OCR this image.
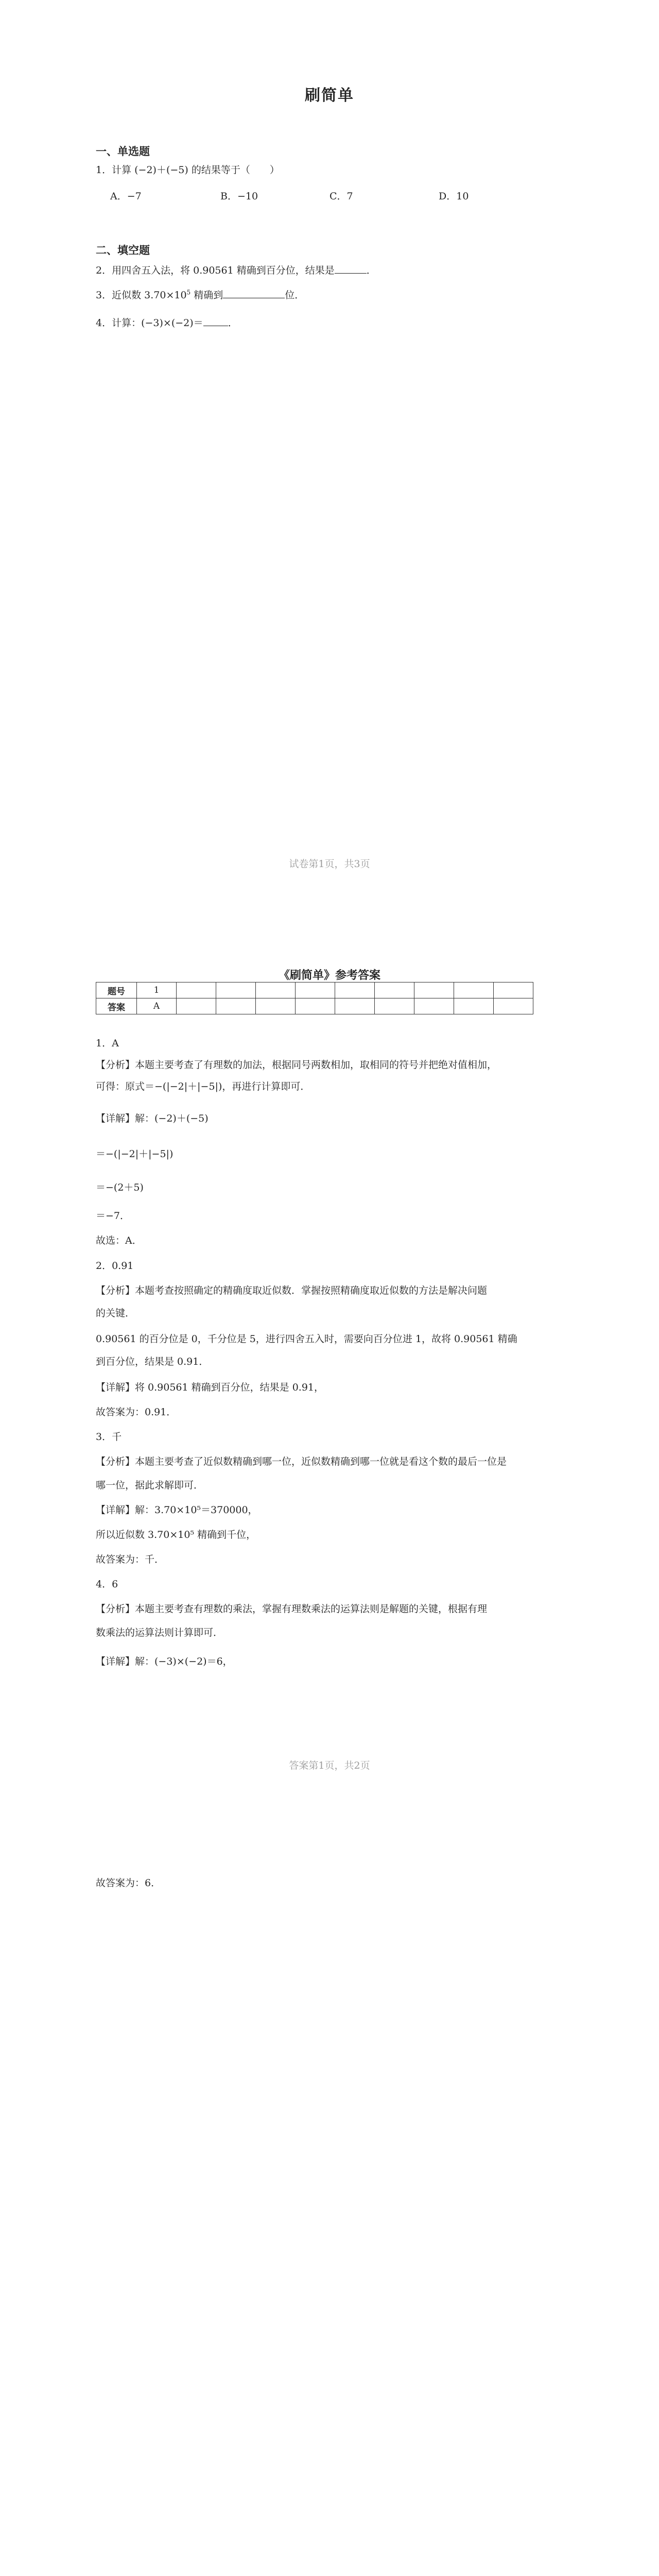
刷简单
一、单选题
1．计算 (−2)＋(−5) 的结果等于（　　）
A．−7	B．−10	C．7	D．10
二、填空题
2．用四舍五入法，将 0.90561 精确到百分位，结果是	．
3．近似数 $3.70\times 10^5$ 精确到	位．
4．计算：(−3)×(−2)＝	．
试卷第1页，共3页
《刷简单》参考答案
题号	1									
答案	A									
1．A
【分析】本题主要考查了有理数的加法，根据同号两数相加，取相同的符号并把绝对值相加，
可得：原式＝−(|−2|＋|−5|)，再进行计算即可．
【详解】解：(−2)＋(−5)
＝−(|−2|＋|−5|)
＝−(2＋5)
＝−7．
故选：A．
2．0.91
【分析】本题考查按照确定的精确度取近似数．掌握按照精确度取近似数的方法是解决问题
的关键．
0.90561 的百分位是 0，千分位是 5，进行四舍五入时，需要向百分位进 1，故将 0.90561 精确
到百分位，结果是 0.91．
【详解】将 0.90561 精确到百分位，结果是 0.91，
故答案为：0.91．
3．千
【分析】本题主要考查了近似数精确到哪一位，近似数精确到哪一位就是看这个数的最后一位是
哪一位，据此求解即可．
【详解】解：3.70×10⁵＝370000，
所以近似数 3.70×10⁵ 精确到千位，
故答案为：千．
4．6
【分析】本题主要考查有理数的乘法，掌握有理数乘法的运算法则是解题的关键，根据有理
数乘法的运算法则计算即可．
【详解】解：(−3)×(−2)＝6，
答案第1页，共2页
故答案为：6．
